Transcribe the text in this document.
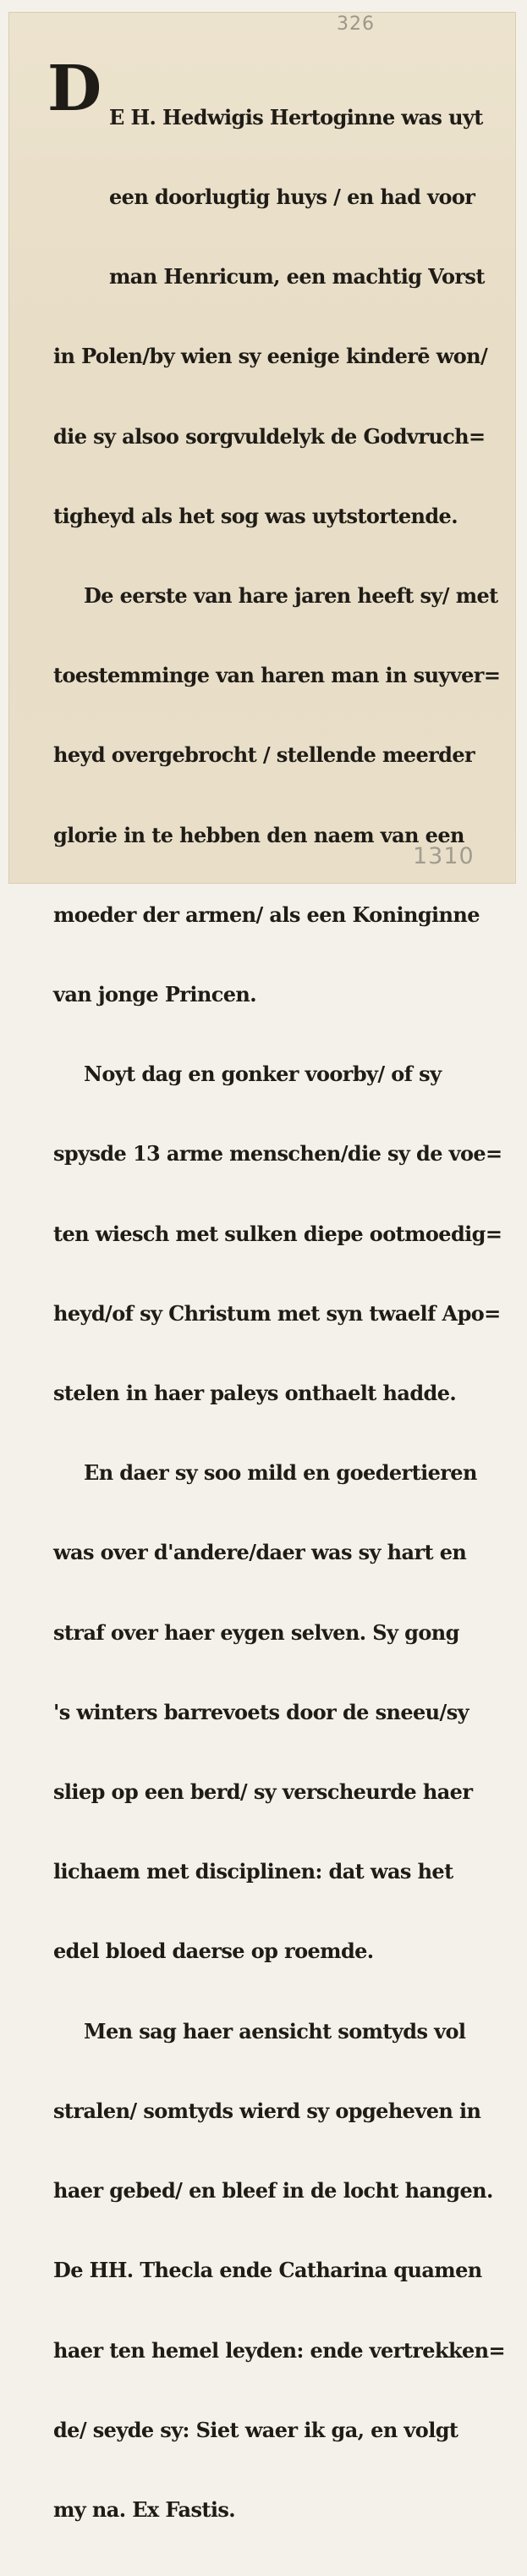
326
D

E H. Hedwigis Hertoginne was uyt

een doorlugtig huys / en had voor

man Henricum, een machtig Vorst

in Polen/by wien sy eenige kinderē won/

die sy alsoo sorgvuldelyk de Godvruch=

tigheyd als het sog was uytstortende.

De eerste van hare jaren heeft sy/ met

toestemminge van haren man in suyver=

heyd overgebrocht / stellende meerder

glorie in te hebben den naem van een

moeder der armen/ als een Koninginne

van jonge Princen.

Noyt dag en gonker voorby/ of sy

spysde 13 arme menschen/die sy de voe=

ten wiesch met sulken diepe ootmoedig=

heyd/of sy Christum met syn twaelf Apo=

stelen in haer paleys onthaelt hadde.

En daer sy soo mild en goedertieren

was over d'andere/daer was sy hart en

straf over haer eygen selven. Sy gong

's winters barrevoets door de sneeu/sy

sliep op een berd/ sy verscheurde haer

lichaem met disciplinen: dat was het

edel bloed daerse op roemde.

Men sag haer aensicht somtyds vol

stralen/ somtyds wierd sy opgeheven in

haer gebed/ en bleef in de locht hangen.

De HH. Thecla ende Catharina quamen

haer ten hemel leyden: ende vertrekken=

de/ seyde sy: Siet waer ik ga, en volgt

my na. Ex Fastis.

1310
